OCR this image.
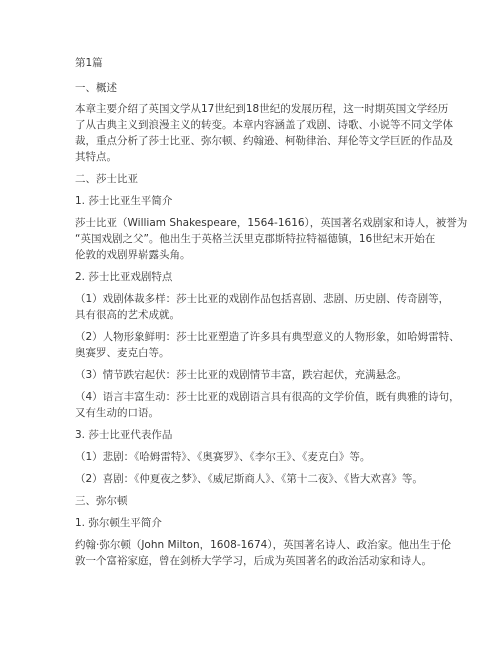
第1篇
一、概述
本章主要介绍了英国文学从17世纪到18世纪的发展历程，这一时期英国文学经历
了从古典主义到浪漫主义的转变。本章内容涵盖了戏剧、诗歌、小说等不同文学体
裁，重点分析了莎士比亚、弥尔顿、约翰逊、柯勒律治、拜伦等文学巨匠的作品及
其特点。
二、莎士比亚
1. 莎士比亚生平简介
莎士比亚（William Shakespeare，1564-1616），英国著名戏剧家和诗人，被誉为
“英国戏剧之父”。他出生于英格兰沃里克郡斯特拉特福德镇，16世纪末开始在
伦敦的戏剧界崭露头角。
2. 莎士比亚戏剧特点
（1）戏剧体裁多样：莎士比亚的戏剧作品包括喜剧、悲剧、历史剧、传奇剧等，
具有很高的艺术成就。
（2）人物形象鲜明：莎士比亚塑造了许多具有典型意义的人物形象，如哈姆雷特、
奥赛罗、麦克白等。
（3）情节跌宕起伏：莎士比亚的戏剧情节丰富，跌宕起伏，充满悬念。
（4）语言丰富生动：莎士比亚的戏剧语言具有很高的文学价值，既有典雅的诗句，
又有生动的口语。
3. 莎士比亚代表作品
（1）悲剧：《哈姆雷特》、《奥赛罗》、《李尔王》、《麦克白》等。
（2）喜剧：《仲夏夜之梦》、《威尼斯商人》、《第十二夜》、《皆大欢喜》等。
三、弥尔顿
1. 弥尔顿生平简介
约翰·弥尔顿（John Milton，1608-1674），英国著名诗人、政治家。他出生于伦
敦一个富裕家庭，曾在剑桥大学学习，后成为英国著名的政治活动家和诗人。
